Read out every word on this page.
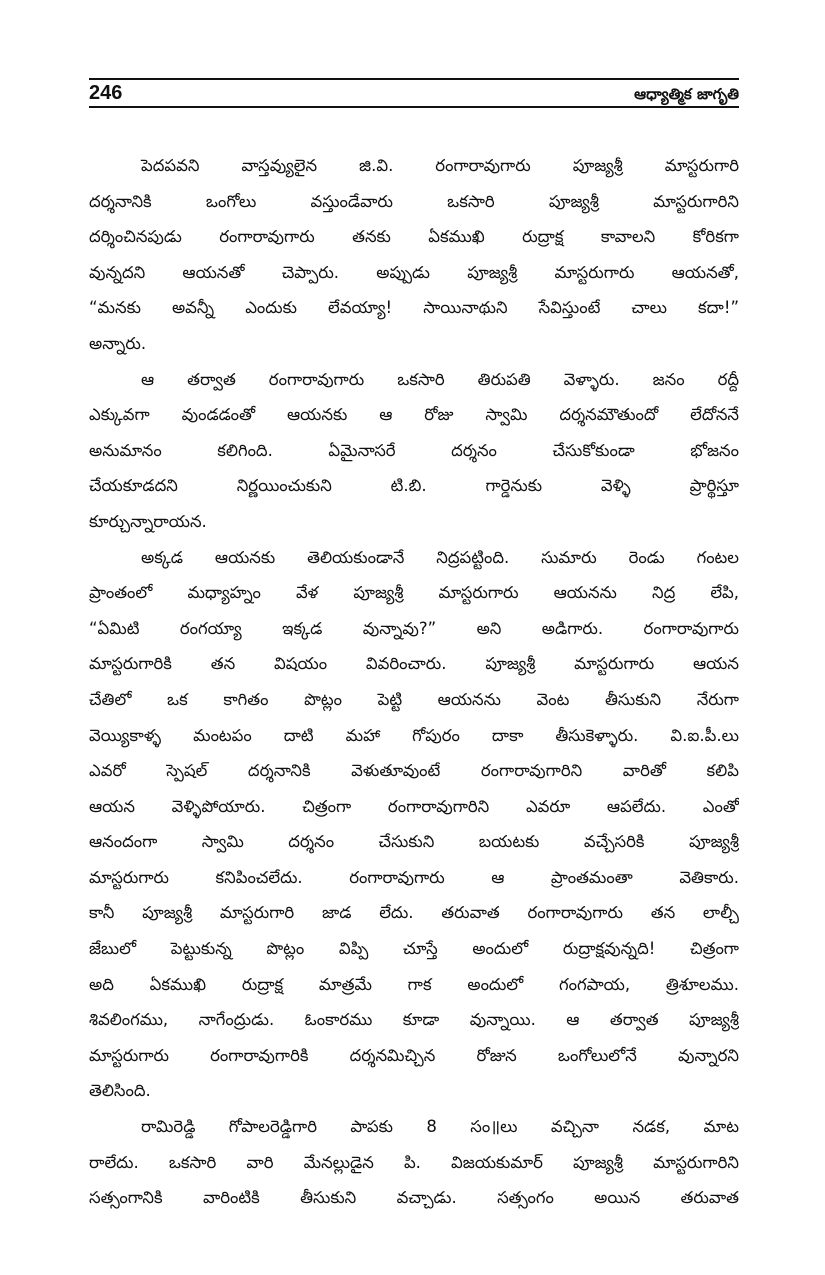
246	ఆధ్యాత్మిక జాగృతి
పెదపవని వాస్తవ్యులైన జి.వి. రంగారావుగారు పూజ్యశ్రీ మాస్టరుగారి
దర్శనానికి ఒంగోలు వస్తుండేవారు ఒకసారి పూజ్యశ్రీ మాస్టరుగారిని
దర్శించినపుడు రంగారావుగారు తనకు ఏకముఖి రుద్రాక్ష కావాలని కోరికగా
వున్నదని ఆయనతో చెప్పారు. అప్పుడు పూజ్యశ్రీ మాస్టరుగారు ఆయనతో,
“మనకు అవన్నీ ఎందుకు లేవయ్యా! సాయినాథుని సేవిస్తుంటే చాలు కదా!”
అన్నారు.
ఆ తర్వాత రంగారావుగారు ఒకసారి తిరుపతి వెళ్ళారు. జనం రద్దీ
ఎక్కువగా వుండడంతో ఆయనకు ఆ రోజు స్వామి దర్శనమౌతుందో లేదోననే
అనుమానం కలిగింది. ఏమైనాసరే దర్శనం చేసుకోకుండా భోజనం
చేయకూడదని నిర్ణయించుకుని టి.బి. గార్డెనుకు వెళ్ళి ప్రార్థిస్తూ
కూర్చున్నారాయన.
అక్కడ ఆయనకు తెలియకుండానే నిద్రపట్టింది. సుమారు రెండు గంటల
ప్రాంతంలో మధ్యాహ్నం వేళ పూజ్యశ్రీ మాస్టరుగారు ఆయనను నిద్ర లేపి,
“ఏమిటి రంగయ్యా ఇక్కడ వున్నావు?” అని అడిగారు. రంగారావుగారు
మాస్టరుగారికి తన విషయం వివరించారు. పూజ్యశ్రీ మాస్టరుగారు ఆయన
చేతిలో ఒక కాగితం పొట్లం పెట్టి ఆయనను వెంట తీసుకుని నేరుగా
వెయ్యికాళ్ళ మంటపం దాటి మహా గోపురం దాకా తీసుకెళ్ళారు. వి.ఐ.పీ.లు
ఎవరో స్పెషల్ దర్శనానికి వెళుతూవుంటే రంగారావుగారిని వారితో కలిపి
ఆయన వెళ్ళిపోయారు. చిత్రంగా రంగారావుగారిని ఎవరూ ఆపలేదు. ఎంతో
ఆనందంగా స్వామి దర్శనం చేసుకుని బయటకు వచ్చేసరికి పూజ్యశ్రీ
మాస్టరుగారు కనిపించలేదు. రంగారావుగారు ఆ ప్రాంతమంతా వెతికారు.
కానీ పూజ్యశ్రీ మాస్టరుగారి జాడ లేదు. తరువాత రంగారావుగారు తన లాల్చీ
జేబులో పెట్టుకున్న పొట్లం విప్పి చూస్తే అందులో రుద్రాక్షవున్నది! చిత్రంగా
అది ఏకముఖి రుద్రాక్ష మాత్రమే గాక అందులో గంగపాయ, త్రిశూలము.
శివలింగము, నాగేంద్రుడు. ఓంకారము కూడా వున్నాయి. ఆ తర్వాత పూజ్యశ్రీ
మాస్టరుగారు రంగారావుగారికి దర్శనమిచ్చిన రోజున ఒంగోలులోనే వున్నారని
తెలిసింది.
రామిరెడ్డి గోపాలరెడ్డిగారి పాపకు 8 సం॥లు వచ్చినా నడక, మాట
రాలేదు. ఒకసారి వారి మేనల్లుడైన పి. విజయకుమార్ పూజ్యశ్రీ మాస్టరుగారిని
సత్సంగానికి వారింటికి తీసుకుని వచ్చాడు. సత్సంగం అయిన తరువాత
